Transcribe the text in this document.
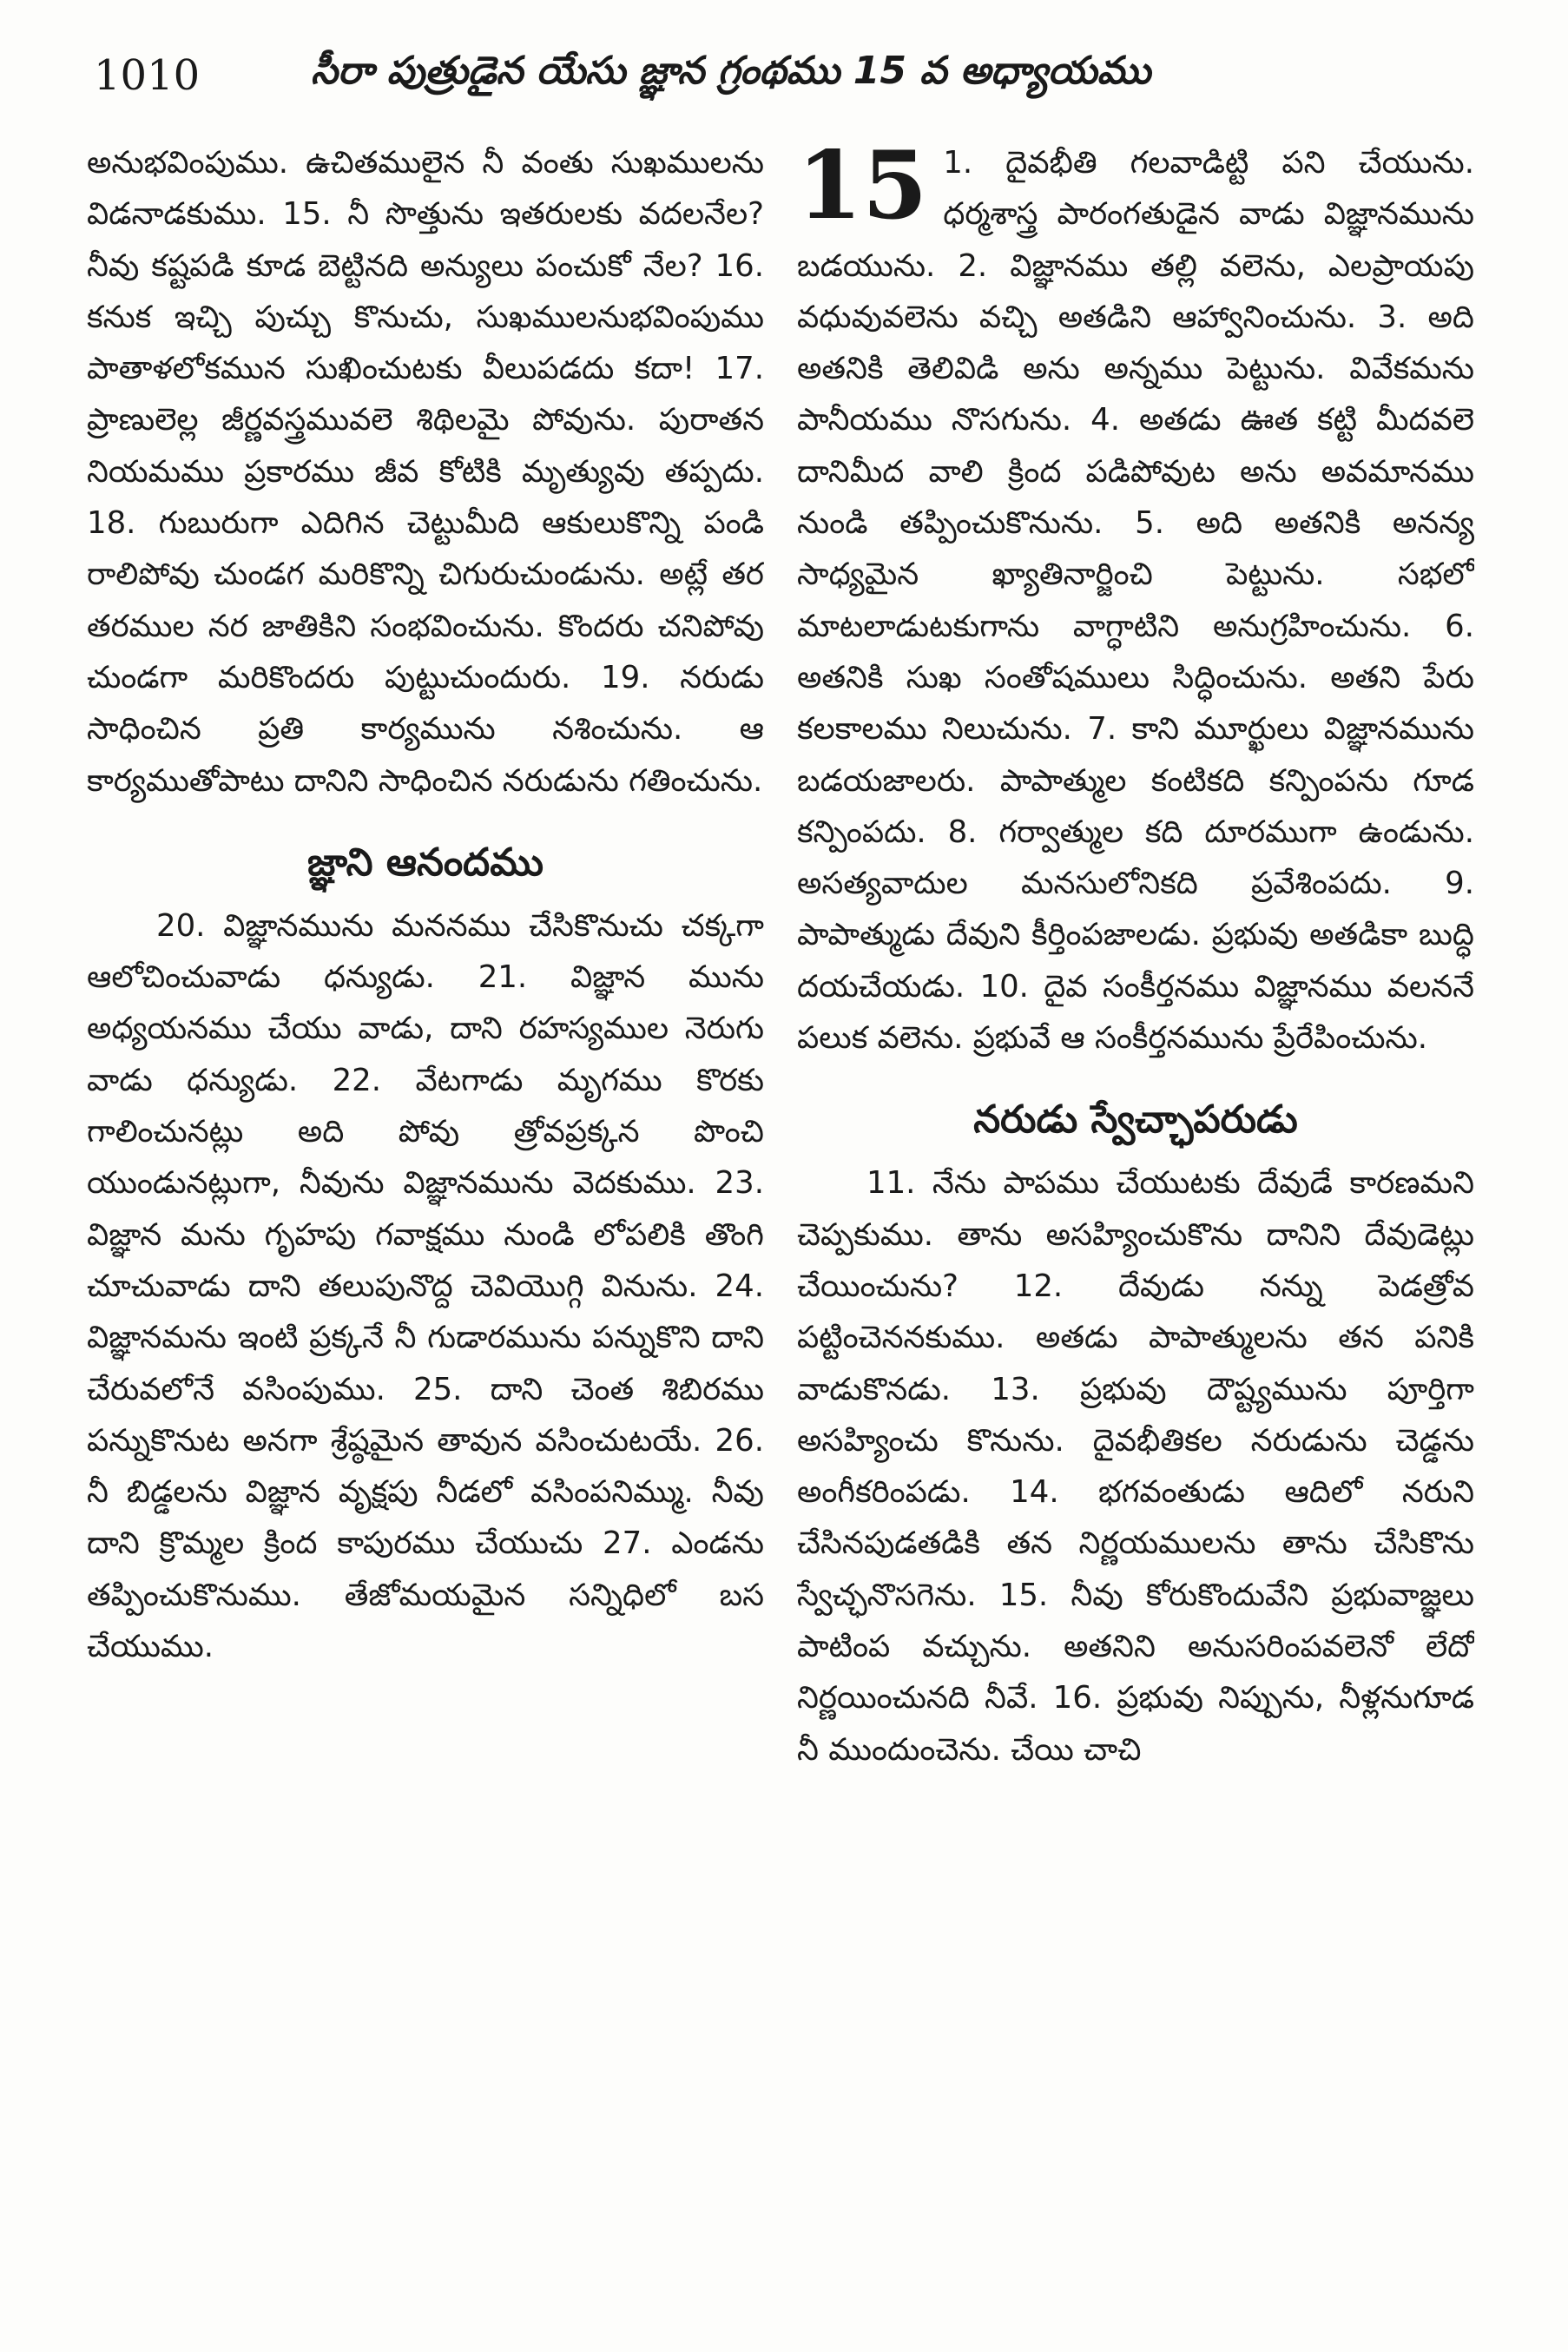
1010	సీరా పుత్రుడైన యేసు జ్ఞాన గ్రంథము 15 వ అధ్యాయము

అనుభవింపుము. ఉచితములైన నీ వంతు సుఖములను విడనాడకుము. 15. నీ సొత్తును ఇతరులకు వదలనేల? నీవు కష్టపడి కూడ బెట్టినది అన్యులు పంచుకో నేల? 16. కనుక ఇచ్చి పుచ్చు కొనుచు, సుఖములనుభవింపుము పాతాళలోకమున సుఖించుటకు వీలుపడదు కదా! 17. ప్రాణులెల్ల జీర్ణవస్త్రమువలె శిథిలమై పోవును. పురాతన నియమము ప్రకారము జీవ కోటికి మృత్యువు తప్పదు. 18. గుబురుగా ఎదిగిన చెట్టుమీది ఆకులుకొన్ని పండి రాలిపోవు చుండగ మరికొన్ని చిగురుచుండును. అట్లే తర తరముల నర జాతికిని సంభవించును. కొందరు చనిపోవు చుండగా మరికొందరు పుట్టుచుందురు. 19. నరుడు సాధించిన ప్రతి కార్యమును నశించును. ఆ కార్యముతోపాటు దానిని సాధించిన నరుడును గతించును.

జ్ఞాని ఆనందము

20. విజ్ఞానమును మననము చేసికొనుచు చక్కగా ఆలోచించువాడు ధన్యుడు. 21. విజ్ఞాన మును అధ్యయనము చేయు వాడు, దాని రహస్యముల నెరుగు వాడు ధన్యుడు. 22. వేటగాడు మృగము కొరకు గాలించునట్లు అది పోవు త్రోవప్రక్కన పొంచి యుండునట్లుగా, నీవును విజ్ఞానమును వెదకుము. 23. విజ్ఞాన మను గృహపు గవాక్షము నుండి లోపలికి తొంగి చూచువాడు దాని తలుపునొద్ద చెవియొగ్గి వినును. 24. విజ్ఞానమను ఇంటి ప్రక్కనే నీ గుడారమును పన్నుకొని దాని చేరువలోనే వసింపుము. 25. దాని చెంత శిబిరము పన్నుకొనుట అనగా శ్రేష్ఠమైన తావున వసించుటయే. 26. నీ బిడ్డలను విజ్ఞాన వృక్షపు నీడలో వసింపనిమ్ము. నీవు దాని క్రొమ్మల క్రింద కాపురము చేయుచు 27. ఎండను తప్పించుకొనుము. తేజోమయమైన సన్నిధిలో బస చేయుము.

15 1. దైవభీతి గలవాడిట్టి పని చేయును. ధర్మశాస్త్ర పారంగతుడైన వాడు విజ్ఞానమును బడయును. 2. విజ్ఞానము తల్లి వలెను, ఎలప్రాయపు వధువువలెను వచ్చి అతడిని ఆహ్వానించును. 3. అది అతనికి తెలివిడి అను అన్నము పెట్టును. వివేకమను పానీయము నొసగును. 4. అతడు ఊత కట్టి మీదవలె దానిమీద వాలి క్రింద పడిపోవుట అను అవమానము నుండి తప్పించుకొనును. 5. అది అతనికి అనన్య సాధ్యమైన ఖ్యాతినార్జించి పెట్టును. సభలో మాటలాడుటకుగాను వాగ్ధాటిని అనుగ్రహించును. 6. అతనికి సుఖ సంతోషములు సిద్ధించును. అతని పేరు కలకాలము నిలుచును. 7. కాని మూర్ఖులు విజ్ఞానమును బడయజాలరు. పాపాత్ముల కంటికది కన్పింపను గూడ కన్పింపదు. 8. గర్వాత్ముల కది దూరముగా ఉండును. అసత్యవాదుల మనసులోనికది ప్రవేశింపదు. 9. పాపాత్ముడు దేవుని కీర్తింపజాలడు. ప్రభువు అతడికా బుద్ధి దయచేయడు. 10. దైవ సంకీర్తనము విజ్ఞానము వలననే పలుక వలెను. ప్రభువే ఆ సంకీర్తనమును ప్రేరేపించును.

నరుడు స్వేచ్ఛాపరుడు

11. నేను పాపము చేయుటకు దేవుడే కారణమని చెప్పకుము. తాను అసహ్యించుకొను దానిని దేవుడెట్లు చేయించును? 12. దేవుడు నన్ను పెడత్రోవ పట్టించెననకుము. అతడు పాపాత్ములను తన పనికి వాడుకొనడు. 13. ప్రభువు దౌష్ట్యమును పూర్తిగా అసహ్యించు కొనును. దైవభీతికల నరుడును చెడ్డను అంగీకరింపడు. 14. భగవంతుడు ఆదిలో నరుని చేసినపుడతడికి తన నిర్ణయములను తాను చేసికొను స్వేచ్ఛనొసగెను. 15. నీవు కోరుకొందువేని ప్రభువాజ్ఞలు పాటింప వచ్చును. అతనిని అనుసరింపవలెనో లేదో నిర్ణయించునది నీవే. 16. ప్రభువు నిప్పును, నీళ్లనుగూడ నీ ముందుంచెను. చేయి చాచి
